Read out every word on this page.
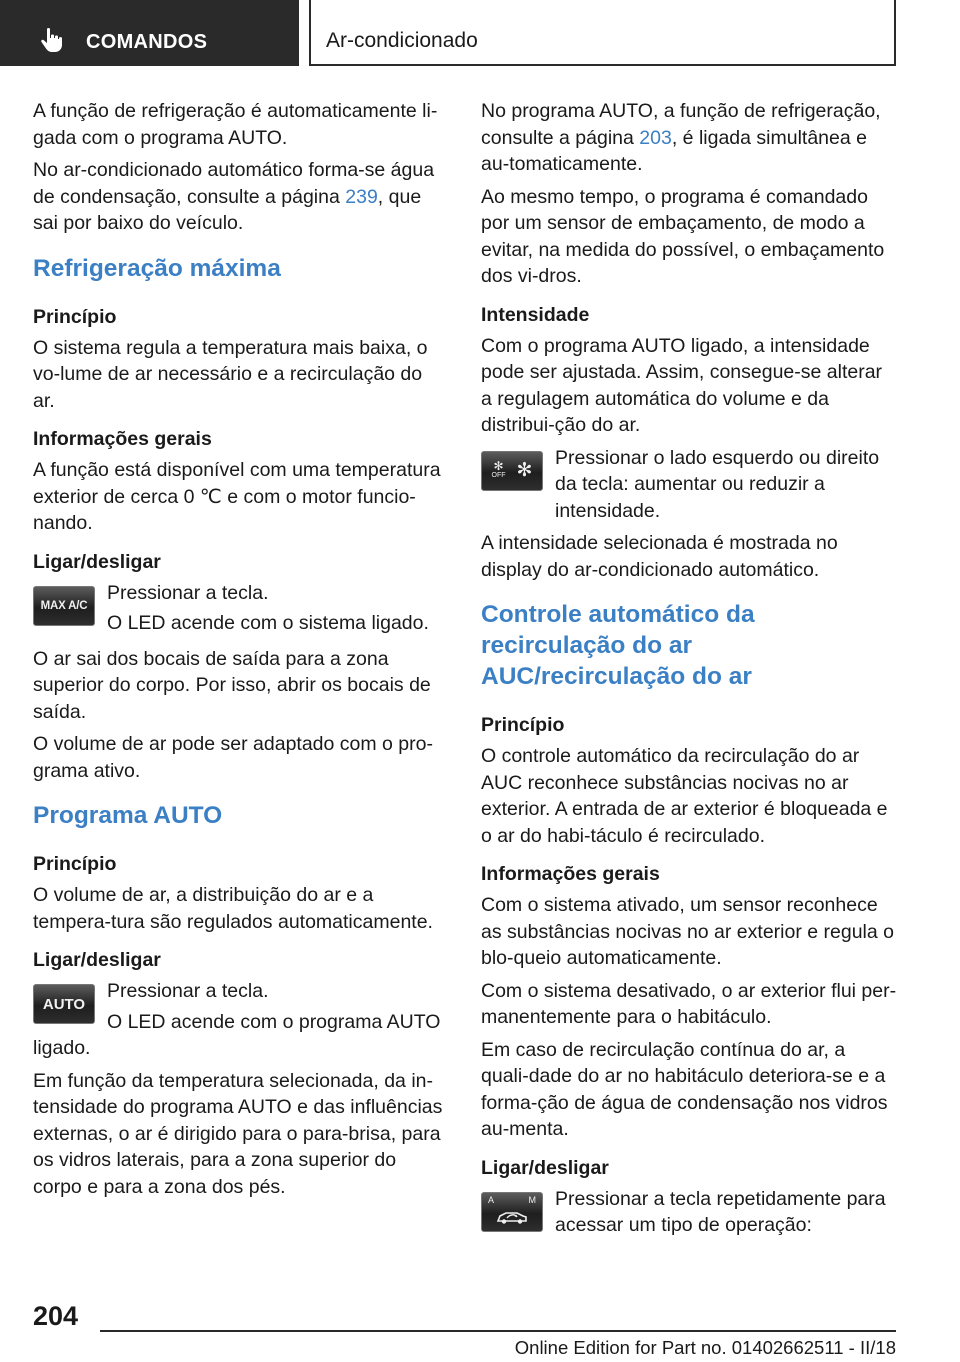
COMANDOS	Ar-condicionado

A função de refrigeração é automaticamente li-gada com o programa AUTO.

No ar-condicionado automático forma-se água de condensação, consulte a página 239, que sai por baixo do veículo.

Refrigeração máxima
Princípio

O sistema regula a temperatura mais baixa, o vo-lume de ar necessário e a recirculação do ar.

Informações gerais

A função está disponível com uma temperatura exterior de cerca 0 ℃ e com o motor funcio-nando.

Ligar/desligar
MAX A/C

Pressionar a tecla.

O LED acende com o sistema ligado.

O ar sai dos bocais de saída para a zona superior do corpo. Por isso, abrir os bocais de saída.

O volume de ar pode ser adaptado com o pro-grama ativo.

Programa AUTO
Princípio

O volume de ar, a distribuição do ar e a tempera-tura são regulados automaticamente.

Ligar/desligar
AUTO

Pressionar a tecla.

O LED acende com o programa AUTO ligado.

Em função da temperatura selecionada, da in-tensidade do programa AUTO e das influências externas, o ar é dirigido para o para-brisa, para os vidros laterais, para a zona superior do corpo e para a zona dos pés.

No programa AUTO, a função de refrigeração, consulte a página 203, é ligada simultânea e au-tomaticamente.

Ao mesmo tempo, o programa é comandado por um sensor de embaçamento, de modo a evitar, na medida do possível, o embaçamento dos vi-dros.

Intensidade

Com o programa AUTO ligado, a intensidade pode ser ajustada. Assim, consegue-se alterar a regulagem automática do volume e da distribui-ção do ar.

✻
OFF ✻

Pressionar o lado esquerdo ou direito da tecla: aumentar ou reduzir a intensidade.

A intensidade selecionada é mostrada no display do ar-condicionado automático.

Controle automático da recirculação do ar AUC/recirculação do ar
Princípio

O controle automático da recirculação do ar AUC reconhece substâncias nocivas no ar exterior. A entrada de ar exterior é bloqueada e o ar do habi-táculo é recirculado.

Informações gerais

Com o sistema ativado, um sensor reconhece as substâncias nocivas no ar exterior e regula o blo-queio automaticamente.

Com o sistema desativado, o ar exterior flui per-manentemente para o habitáculo.

Em caso de recirculação contínua do ar, a quali-dade do ar no habitáculo deteriora-se e a forma-ção de água de condensação nos vidros au-menta.

Ligar/desligar
A	M Pressionar a tecla repetidamente para acessar um tipo de operação:

204
Online Edition for Part no. 01402662511 - II/18
